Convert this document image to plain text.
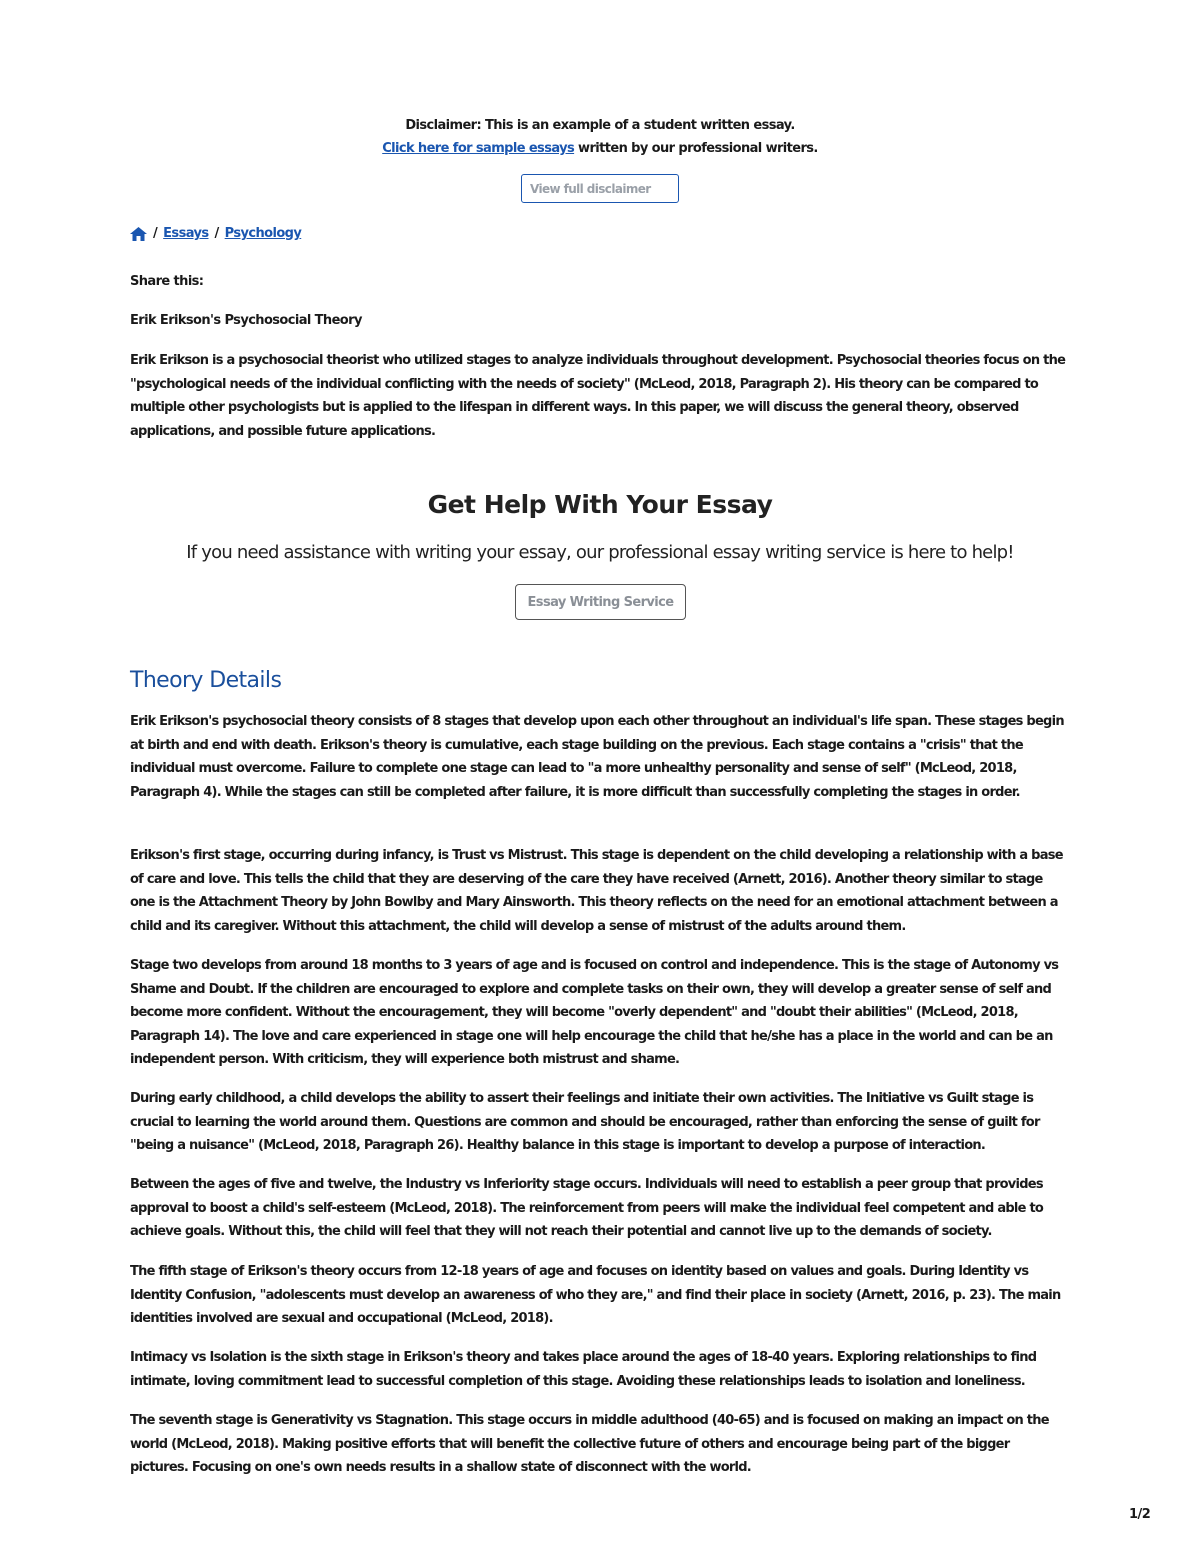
Disclaimer: This is an example of a student written essay.
Click here for sample essays written by our professional writers.
View full disclaimer
/ Essays / Psychology
Share this:
Erik Erikson's Psychosocial Theory

Erik Erikson is a psychosocial theorist who utilized stages to analyze individuals throughout development. Psychosocial theories focus on the "psychological needs of the individual conflicting with the needs of society" (McLeod, 2018, Paragraph 2). His theory can be compared to multiple other psychologists but is applied to the lifespan in different ways. In this paper, we will discuss the general theory, observed applications, and possible future applications.

Get Help With Your Essay
If you need assistance with writing your essay, our professional essay writing service is here to help!
Essay Writing Service
Theory Details

Erik Erikson's psychosocial theory consists of 8 stages that develop upon each other throughout an individual's life span. These stages begin at birth and end with death. Erikson's theory is cumulative, each stage building on the previous. Each stage contains a "crisis" that the individual must overcome. Failure to complete one stage can lead to "a more unhealthy personality and sense of self" (McLeod, 2018, Paragraph 4). While the stages can still be completed after failure, it is more difficult than successfully completing the stages in order.

Erikson's first stage, occurring during infancy, is Trust vs Mistrust. This stage is dependent on the child developing a relationship with a base of care and love. This tells the child that they are deserving of the care they have received (Arnett, 2016). Another theory similar to stage one is the Attachment Theory by John Bowlby and Mary Ainsworth. This theory reflects on the need for an emotional attachment between a child and its caregiver. Without this attachment, the child will develop a sense of mistrust of the adults around them.

Stage two develops from around 18 months to 3 years of age and is focused on control and independence. This is the stage of Autonomy vs Shame and Doubt. If the children are encouraged to explore and complete tasks on their own, they will develop a greater sense of self and become more confident. Without the encouragement, they will become "overly dependent" and "doubt their abilities" (McLeod, 2018, Paragraph 14). The love and care experienced in stage one will help encourage the child that he/she has a place in the world and can be an independent person. With criticism, they will experience both mistrust and shame.

During early childhood, a child develops the ability to assert their feelings and initiate their own activities. The Initiative vs Guilt stage is crucial to learning the world around them. Questions are common and should be encouraged, rather than enforcing the sense of guilt for "being a nuisance" (McLeod, 2018, Paragraph 26). Healthy balance in this stage is important to develop a purpose of interaction.

Between the ages of five and twelve, the Industry vs Inferiority stage occurs. Individuals will need to establish a peer group that provides approval to boost a child's self-esteem (McLeod, 2018). The reinforcement from peers will make the individual feel competent and able to achieve goals. Without this, the child will feel that they will not reach their potential and cannot live up to the demands of society.

The fifth stage of Erikson's theory occurs from 12-18 years of age and focuses on identity based on values and goals. During Identity vs Identity Confusion, "adolescents must develop an awareness of who they are," and find their place in society (Arnett, 2016, p. 23). The main identities involved are sexual and occupational (McLeod, 2018).

Intimacy vs Isolation is the sixth stage in Erikson's theory and takes place around the ages of 18-40 years. Exploring relationships to find intimate, loving commitment lead to successful completion of this stage. Avoiding these relationships leads to isolation and loneliness.

The seventh stage is Generativity vs Stagnation. This stage occurs in middle adulthood (40-65) and is focused on making an impact on the world (McLeod, 2018). Making positive efforts that will benefit the collective future of others and encourage being part of the bigger pictures. Focusing on one's own needs results in a shallow state of disconnect with the world.

1/2
